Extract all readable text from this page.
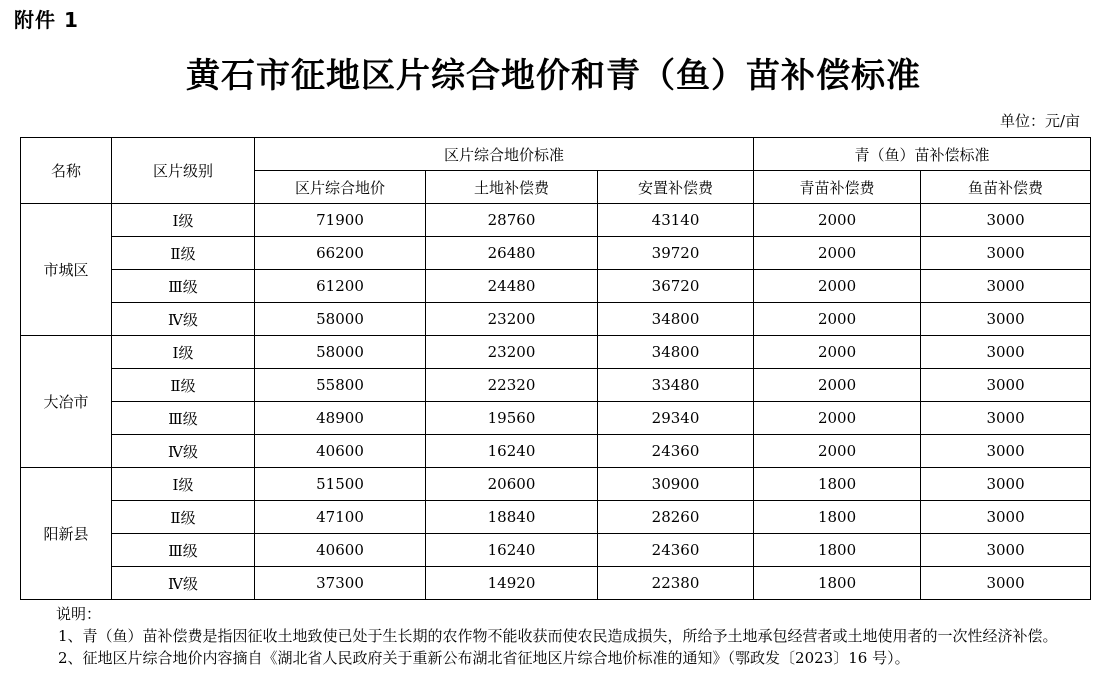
附件 1
黄石市征地区片综合地价和青（鱼）苗补偿标准
单位：元/亩
名称	区片级别	区片综合地价标准			青（鱼）苗补偿标准	
		区片综合地价	土地补偿费	安置补偿费	青苗补偿费	鱼苗补偿费
市城区	Ⅰ级	71900	28760	43140	2000	3000
	Ⅱ级	66200	26480	39720	2000	3000
	Ⅲ级	61200	24480	36720	2000	3000
	Ⅳ级	58000	23200	34800	2000	3000
大冶市	Ⅰ级	58000	23200	34800	2000	3000
	Ⅱ级	55800	22320	33480	2000	3000
	Ⅲ级	48900	19560	29340	2000	3000
	Ⅳ级	40600	16240	24360	2000	3000
阳新县	Ⅰ级	51500	20600	30900	1800	3000
	Ⅱ级	47100	18840	28260	1800	3000
	Ⅲ级	40600	16240	24360	1800	3000
	Ⅳ级	37300	14920	22380	1800	3000
说明：
1、青（鱼）苗补偿费是指因征收土地致使已处于生长期的农作物不能收获而使农民造成损失，所给予土地承包经营者或土地使用者的一次性经济补偿。
2、征地区片综合地价内容摘自《湖北省人民政府关于重新公布湖北省征地区片综合地价标准的通知》（鄂政发〔2023〕16 号）。
